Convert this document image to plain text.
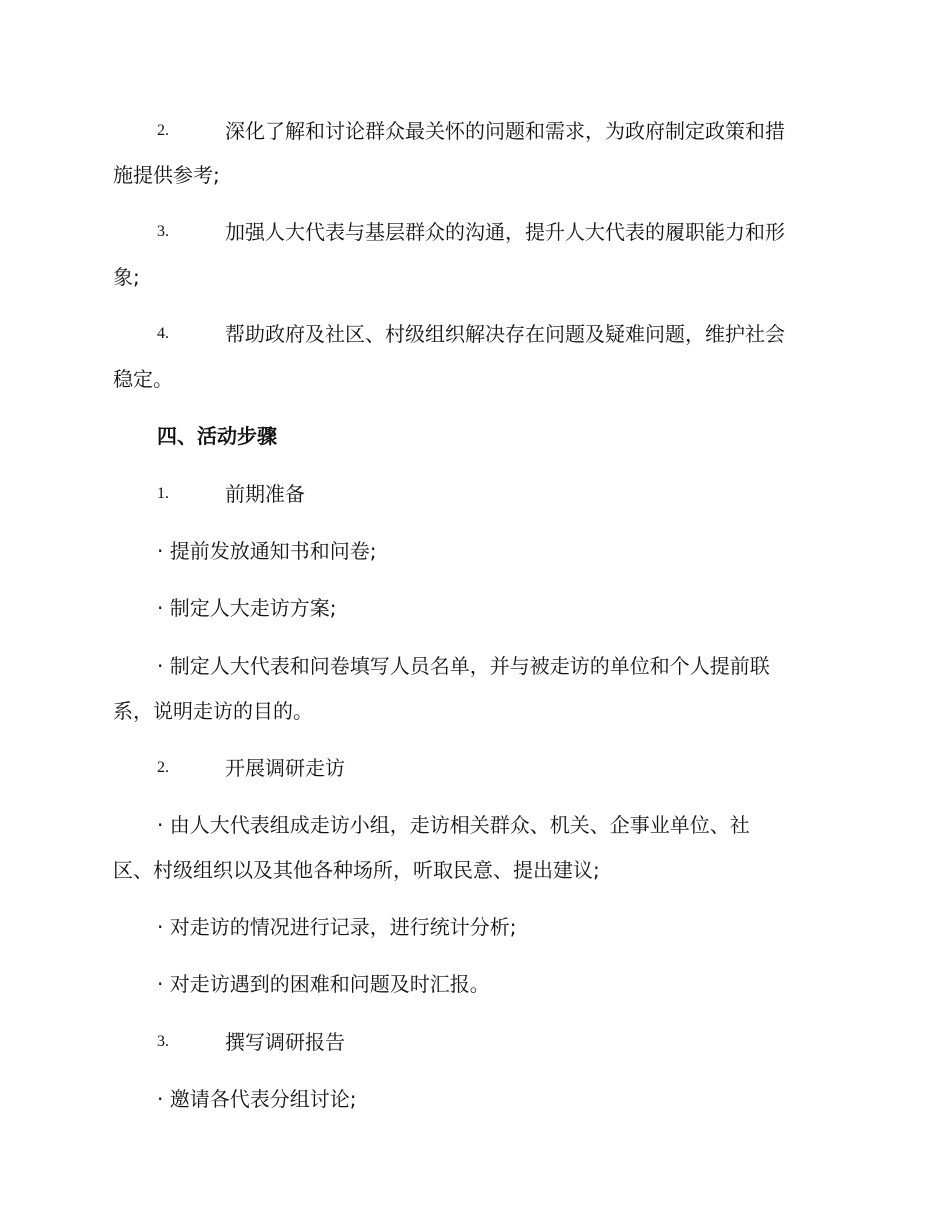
2.	深化了解和讨论群众最关怀的问题和需求，为政府制定政策和措
施提供参考;
3.	加强人大代表与基层群众的沟通，提升人大代表的履职能力和形
象;
4.	帮助政府及社区、村级组织解决存在问题及疑难问题，维护社会
稳定。
四、活动步骤
1.	前期准备
· 提前发放通知书和问卷;
· 制定人大走访方案;
· 制定人大代表和问卷填写人员名单，并与被走访的单位和个人提前联
系，说明走访的目的。
2.	开展调研走访
· 由人大代表组成走访小组，走访相关群众、机关、企事业单位、社
区、村级组织以及其他各种场所，听取民意、提出建议;
· 对走访的情况进行记录，进行统计分析;
· 对走访遇到的困难和问题及时汇报。
3.	撰写调研报告
· 邀请各代表分组讨论;
